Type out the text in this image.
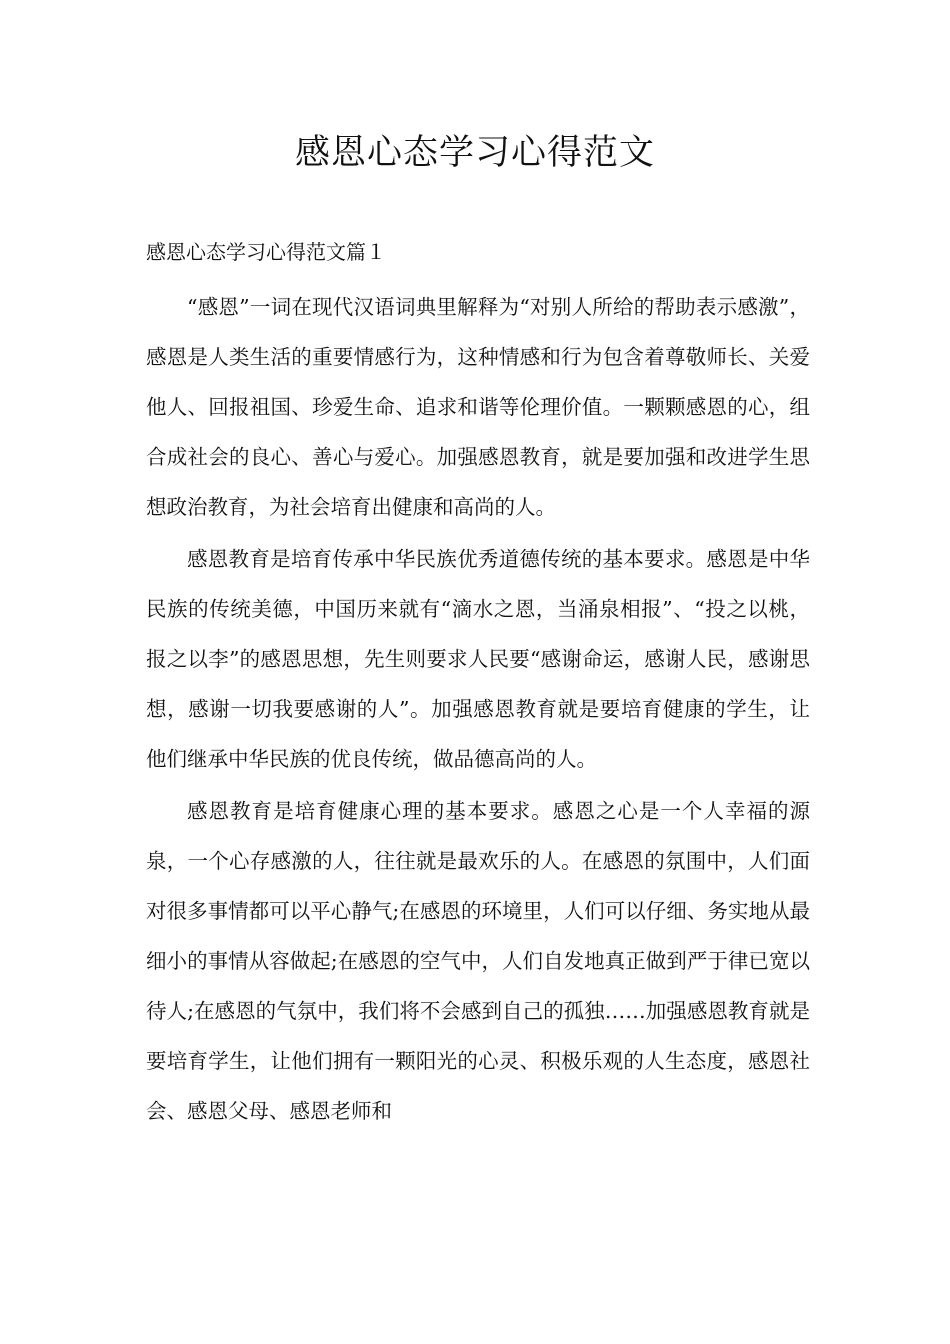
感恩心态学习心得范文

感恩心态学习心得范文篇１

“感恩”一词在现代汉语词典里解释为“对别人所给的帮助表示感激”，感恩是人类生活的重要情感行为，这种情感和行为包含着尊敬师长、关爱他人、回报祖国、珍爱生命、追求和谐等伦理价值。一颗颗感恩的心，组合成社会的良心、善心与爱心。加强感恩教育，就是要加强和改进学生思想政治教育，为社会培育出健康和高尚的人。

感恩教育是培育传承中华民族优秀道德传统的基本要求。感恩是中华民族的传统美德，中国历来就有“滴水之恩，当涌泉相报”、“投之以桃，报之以李”的感恩思想，先生则要求人民要“感谢命运，感谢人民，感谢思想，感谢一切我要感谢的人”。加强感恩教育就是要培育健康的学生，让他们继承中华民族的优良传统，做品德高尚的人。

感恩教育是培育健康心理的基本要求。感恩之心是一个人幸福的源泉，一个心存感激的人，往往就是最欢乐的人。在感恩的氛围中，人们面对很多事情都可以平心静气;在感恩的环境里，人们可以仔细、务实地从最细小的事情从容做起;在感恩的空气中，人们自发地真正做到严于律已宽以待人;在感恩的气氛中，我们将不会感到自己的孤独……加强感恩教育就是要培育学生，让他们拥有一颗阳光的心灵、积极乐观的人生态度，感恩社会、感恩父母、感恩老师和
